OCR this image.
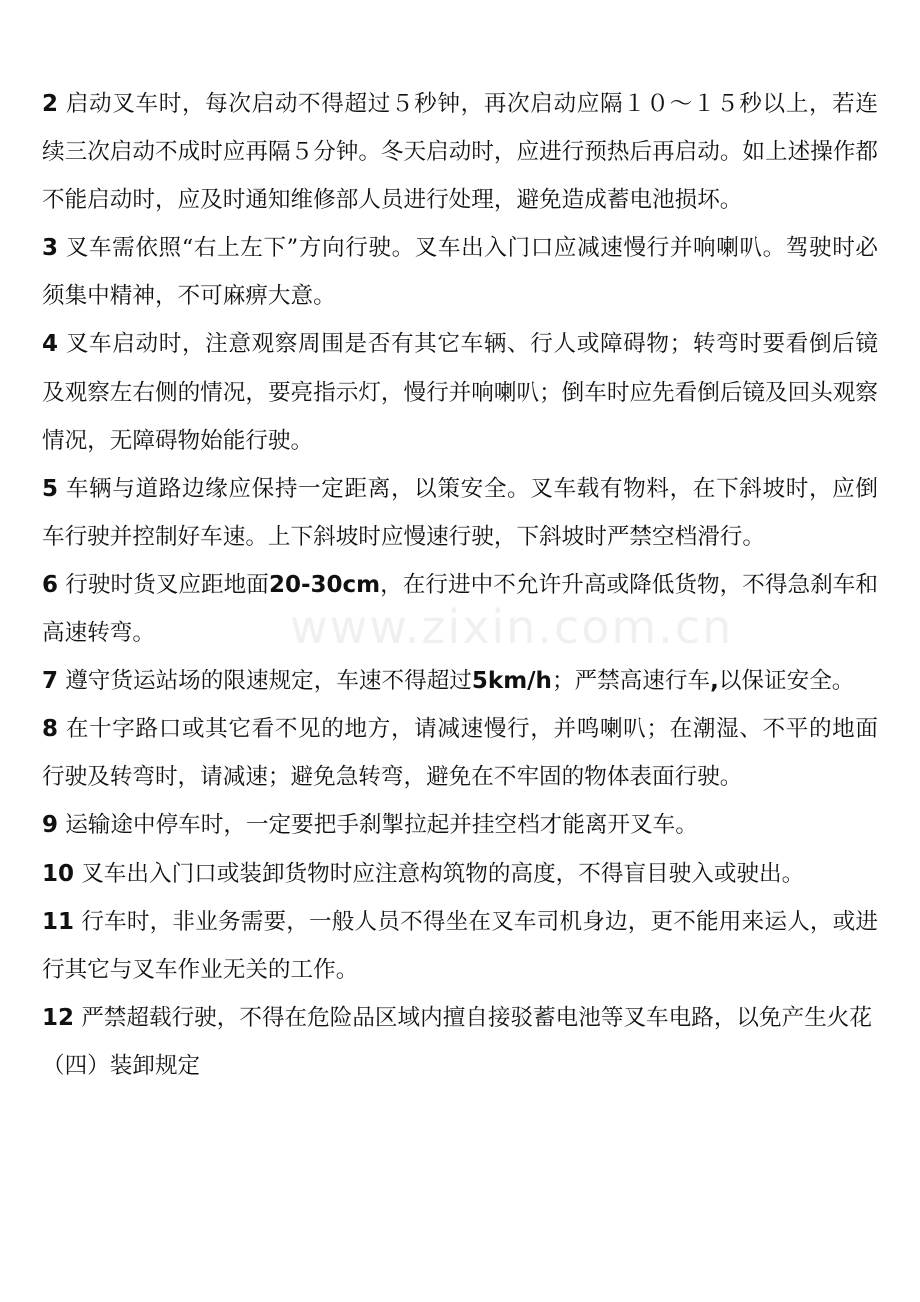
www.zixin.com.cn

2 启动叉车时，每次启动不得超过５秒钟，再次启动应隔１０～１５秒以上，若连续三次启动不成时应再隔５分钟。冬天启动时，应进行预热后再启动。如上述操作都不能启动时，应及时通知维修部人员进行处理，避免造成蓄电池损坏。

3 叉车需依照“右上左下”方向行驶。叉车出入门口应减速慢行并响喇叭。驾驶时必须集中精神，不可麻痹大意。

4 叉车启动时，注意观察周围是否有其它车辆、行人或障碍物；转弯时要看倒后镜及观察左右侧的情况，要亮指示灯，慢行并响喇叭；倒车时应先看倒后镜及回头观察情况，无障碍物始能行驶。

5 车辆与道路边缘应保持一定距离，以策安全。叉车载有物料，在下斜坡时，应倒车行驶并控制好车速。上下斜坡时应慢速行驶，下斜坡时严禁空档滑行。

6 行驶时货叉应距地面20-30cm，在行进中不允许升高或降低货物，不得急刹车和高速转弯。

7 遵守货运站场的限速规定，车速不得超过5km/h；严禁高速行车,以保证安全。

8 在十字路口或其它看不见的地方，请减速慢行，并鸣喇叭；在潮湿、不平的地面行驶及转弯时，请减速；避免急转弯，避免在不牢固的物体表面行驶。

9 运输途中停车时，一定要把手刹掣拉起并挂空档才能离开叉车。

10 叉车出入门口或装卸货物时应注意构筑物的高度，不得盲目驶入或驶出。

11 行车时，非业务需要，一般人员不得坐在叉车司机身边，更不能用来运人，或进行其它与叉车作业无关的工作。

12 严禁超载行驶，不得在危险品区域内擅自接驳蓄电池等叉车电路，以免产生火花

（四）装卸规定
